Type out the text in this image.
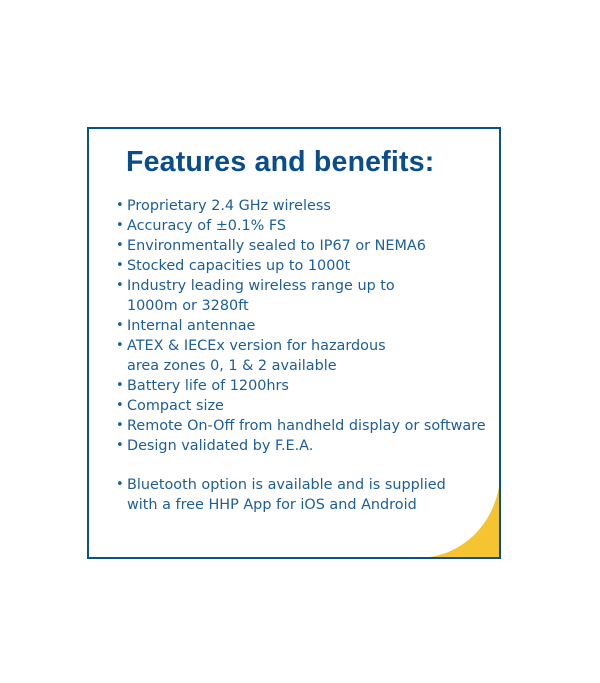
Features and benefits:
• Proprietary 2.4 GHz wireless
• Accuracy of ±0.1% FS
• Environmentally sealed to IP67 or NEMA6
• Stocked capacities up to 1000t
• Industry leading wireless range up to
1000m or 3280ft
• Internal antennae
• ATEX & IECEx version for hazardous
area zones 0, 1 & 2 available
• Battery life of 1200hrs
• Compact size
• Remote On-Off from handheld display or software
• Design validated by F.E.A.
• Bluetooth option is available and is supplied
with a free HHP App for iOS and Android
